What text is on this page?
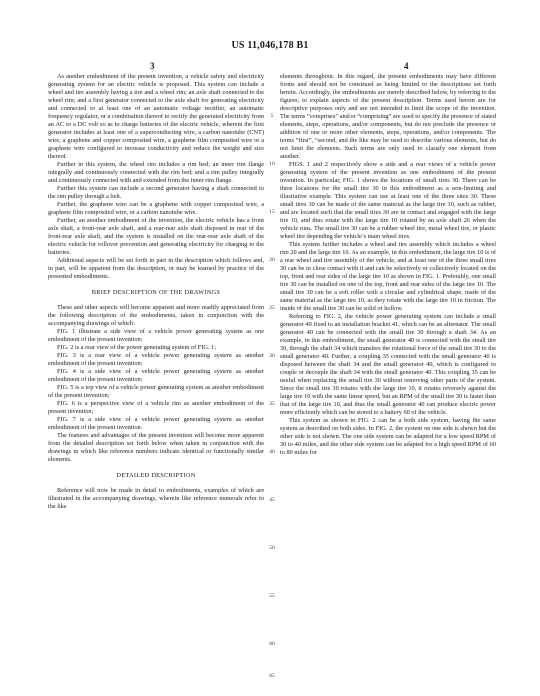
US 11,046,178 B1
3	4

As another embodiment of the present invention, a vehicle safety and electricity generating system for an electric vehicle is proposed. This system can include a wheel and tire assembly having a tire and a wheel rim; an axle shaft connected to the wheel rim; and a first generator connected to the axle shaft for generating electricity and connected to at least one of an automatic voltage rectifier, an automatic frequency regulator, or a combination thereof to rectify the generated electricity from an AC to a DC volt so as to charge batteries of the electric vehicle, wherein the first generator includes at least one of a superconducting wire, a carbon nanotube (CNT) wire, a graphene and copper composited wire, a graphene film composited wire or a graphene wire configured to increase conductivity and reduce the weight and size thereof.

Further in this system, the wheel rim includes a rim bed; an inner rim flange integrally and continuously connected with the rim bed; and a rim pulley integrally and continuously connected with and extended from the inner rim flange.

Further this system can include a second generator having a shaft connected to the rim pulley through a belt.

Further, the graphene wire can be a graphene with copper composited wire, a graphene film composited wire, or a carbon nanotube wire.

Further, an another embodiment of the invention, the electric vehicle has a front axle shaft, a front-rear axle shaft, and a rear-rear axle shaft disposed in rear of the front-rear axle shaft, and the system is installed on the rear-rear axle shaft of the electric vehicle for rollover prevention and generating electricity for charging to the batteries.

Additional aspects will be set forth in part in the description which follows and, in part, will be apparent from the description, or may be learned by practice of the presented embodiments.

BRIEF DESCRIPTION OF THE DRAWINGS

These and other aspects will become apparent and more readily appreciated from the following description of the embodiments, taken in conjunction with the accompanying drawings of which:

FIG. 1 illustrate a side view of a vehicle power generating system as one embodiment of the present invention;

FIG. 2 is a rear view of the power generating system of FIG. 1;

FIG. 3 is a rear view of a vehicle power generating system as another embodiment of the present invention;

FIG. 4 is a side view of a vehicle power generating system as another embodiment of the present invention;

FIG. 5 is a top view of a vehicle power generating system as another embodiment of the present invention;

FIG. 6 is a perspective view of a vehicle rim as another embodiment of the present invention;

FIG. 7 is a side view of a vehicle power generating system as another embodiment of the present invention.

The features and advantages of the present invention will become more apparent from the detailed description set forth below when taken in conjunction with the drawings in which like reference numbers indicate identical or functionally similar elements.

DETAILED DESCRIPTION

Reference will now be made in detail to embodiments, examples of which are illustrated in the accompanying drawings, wherein like reference numerals refer to the like

5
10
15
20
25
30
35
40
45
50
55
60
65

elements throughout. In this regard, the present embodiments may have different forms and should not be construed as being limited to the descriptions set forth herein. Accordingly, the embodiments are merely described below, by referring to the figures, to explain aspects of the present description. Terms used herein are for descriptive purposes only and are not intended to limit the scope of the invention. The terms “comprises” and/or “comprising” are used to specify the presence of stated elements, steps, operations, and/or components, but do not preclude the presence or addition of one or more other elements, steps, operations, and/or components. The terms “first”, “second, and the like may be used to describe various elements, but do not limit the elements. Such terms are only used to classify one element from another.

FIGS. 1 and 2 respectively show a side and a rear views of a vehicle power generating system of the present invention as one embodiment of the present invention. In particular, FIG. 1 shows the locations of small tires 30. There can be three locations for the small tire 30 in this embodiment as a non-limiting and illustrative example. This system can use at least one of the three sites 30. These small tires 30 can be made of the same material as the large tire 10, such as rubber, and are located such that the small tires 30 are in contact and engaged with the large tire 10, and thus rotate with the large tire 10 rotated by an axle shaft 26 when the vehicle runs. The small tire 30 can be a rubber wheel tire, metal wheel tire, or plastic wheel tire depending the vehicle’s main wheel tires.

This system further includes a wheel and tire assembly which includes a wheel rim 20 and the large tire 10. As an example, in this embodiment, the large tire 10 is of a rear wheel and tire assembly of the vehicle, and at least one of the three small tires 30 can be in close contact with it and can be selectively or collectively located on the top, front and rear sides of the large tire 10 as shown in FIG. 1. Preferably, one small tire 30 can be installed on one of the top, front and rear sides of the large tire 10. The small tire 30 can be a soft roller with a circular and cylindrical shape, made of the same material as the large tire 10, as they rotate with the large tire 10 in friction. The inside of the small tire 30 can be solid or hollow.

Referring to FIG. 2, the vehicle power generating system can include a small generator 40 fixed to an installation bracket 41, which can be an alternator. The small generator 40 can be connected with the small tire 30 through a shaft 34. As an example, in this embodiment, the small generator 40 is connected with the small tire 30, through the shaft 34 which transfers the rotational force of the small tire 30 to the small generator 40. Further, a coupling 35 connected with the small generator 40 is disposed between the shaft 34 and the small generator 40, which is configured to couple or decouple the shaft 34 with the small generator 40. This coupling 35 can be useful when replacing the small tire 30 without removing other parts of the system. Since the small tire 30 rotates with the large tire 10, it rotates reversely against the large tire 10 with the same linear speed, but an RPM of the small tire 30 is faster than that of the large tire 10, and thus the small generator 40 can produce electric power more efficiently which can be stored to a battery 60 of the vehicle.

This system as shown in FIG. 2 can be a both side system, having the same system as described on both sides. In FIG. 2, the system on one side is shown but the other side is not shown. The one side system can be adapted for a low speed RPM of 30 to 40 miles, and the other side system can be adapted for a high speed RPM of 60 to 80 miles for
